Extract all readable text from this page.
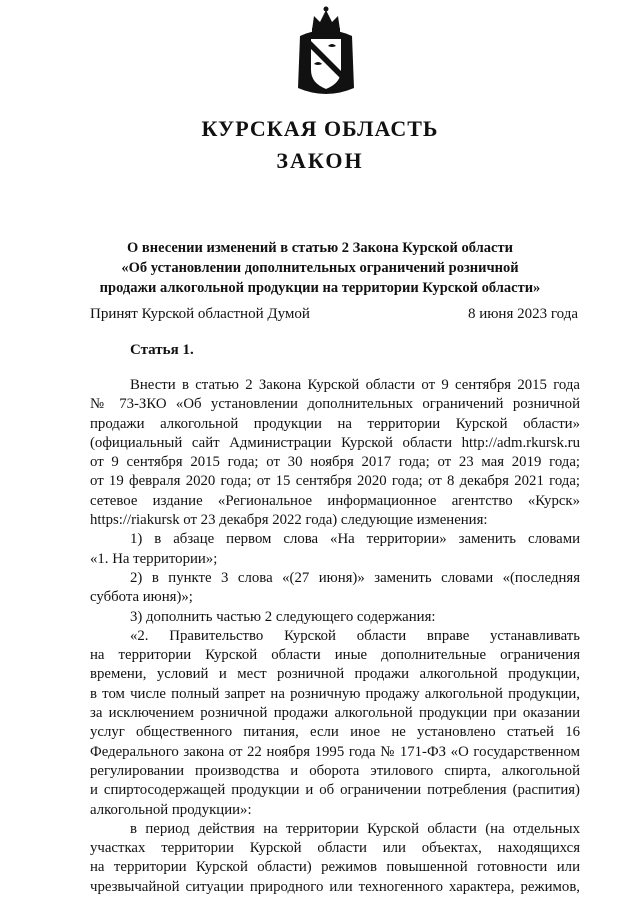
КУРСКАЯ ОБЛАСТЬ
ЗАКОН
О внесении изменений в статью 2 Закона Курской области
«Об установлении дополнительных ограничений розничной
продажи алкогольной продукции на территории Курской области»
Принят Курской областной Думой	8 июня 2023 года
Статья 1.
Внести в статью 2 Закона Курской области от 9 сентября 2015 года
№ 73-ЗКО «Об установлении дополнительных ограничений розничной
продажи алкогольной продукции на территории Курской области»
(официальный сайт Администрации Курской области http://adm.rkursk.ru
от 9 сентября 2015 года; от 30 ноября 2017 года; от 23 мая 2019 года;
от 19 февраля 2020 года; от 15 сентября 2020 года; от 8 декабря 2021 года;
сетевое издание «Региональное информационное агентство «Курск»
https://riakursk от 23 декабря 2022 года) следующие изменения:
1) в абзаце первом слова «На территории» заменить словами
«1. На территории»;
2) в пункте 3 слова «(27 июня)» заменить словами «(последняя
суббота июня)»;
3) дополнить частью 2 следующего содержания:
«2. Правительство Курской области вправе устанавливать
на территории Курской области иные дополнительные ограничения
времени, условий и мест розничной продажи алкогольной продукции,
в том числе полный запрет на розничную продажу алкогольной продукции,
за исключением розничной продажи алкогольной продукции при оказании
услуг общественного питания, если иное не установлено статьей 16
Федерального закона от 22 ноября 1995 года № 171-ФЗ «О государственном
регулировании производства и оборота этилового спирта, алкогольной
и спиртосодержащей продукции и об ограничении потребления (распития)
алкогольной продукции»:
в период действия на территории Курской области (на отдельных
участках территории Курской области или объектах, находящихся
на территории Курской области) режимов повышенной готовности или
чрезвычайной ситуации природного или техногенного характера, режимов,
